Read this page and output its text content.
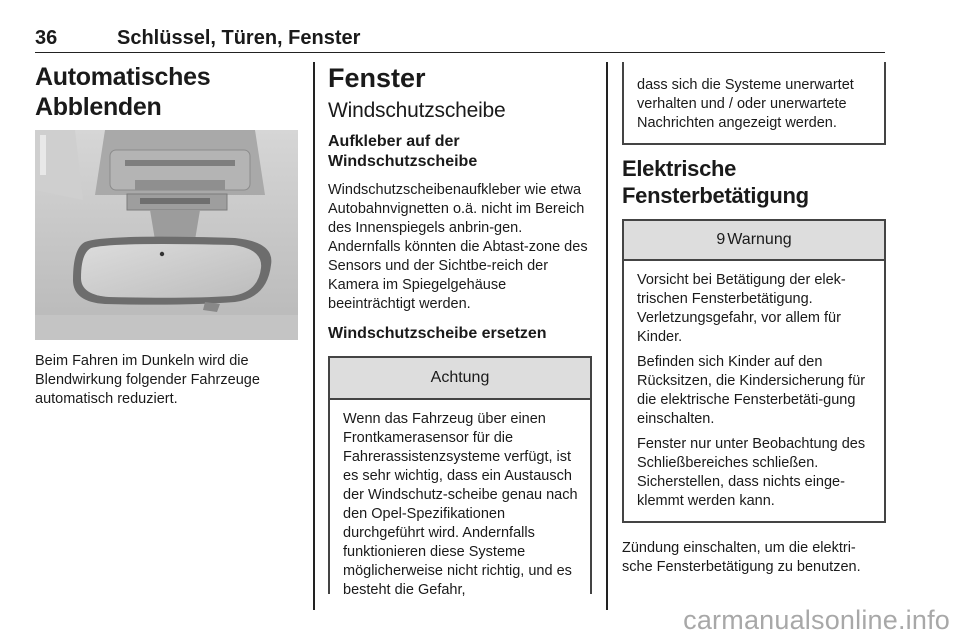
36	Schlüssel, Türen, Fenster
Automatisches Abblenden

Beim Fahren im Dunkeln wird die Blendwirkung folgender Fahrzeuge automatisch reduziert.

Fenster
Windschutzscheibe
Aufkleber auf der Windschutzscheibe

Windschutzscheibenaufkleber wie etwa Autobahnvignetten o.ä. nicht im Bereich des Innenspiegels anbrin-gen. Andernfalls könnten die Abtast-zone des Sensors und der Sichtbe-reich der Kamera im Spiegelgehäuse beeinträchtigt werden.

Windschutzscheibe ersetzen
Achtung

Wenn das Fahrzeug über einen Frontkamerasensor für die Fahrerassistenzsysteme verfügt, ist es sehr wichtig, dass ein Austausch der Windschutz-scheibe genau nach den Opel-Spezifikationen durchgeführt wird. Andernfalls funktionieren diese Systeme möglicherweise nicht richtig, und es besteht die Gefahr,

dass sich die Systeme unerwartet verhalten und / oder unerwartete Nachrichten angezeigt werden.

Elektrische Fensterbetätigung
9 Warnung

Vorsicht bei Betätigung der elek-trischen Fensterbetätigung. Verletzungsgefahr, vor allem für Kinder.

Befinden sich Kinder auf den Rücksitzen, die Kindersicherung für die elektrische Fensterbetäti-gung einschalten.

Fenster nur unter Beobachtung des Schließbereiches schließen. Sicherstellen, dass nichts einge-klemmt werden kann.

Zündung einschalten, um die elektri-sche Fensterbetätigung zu benutzen.

carmanualsonline.info
